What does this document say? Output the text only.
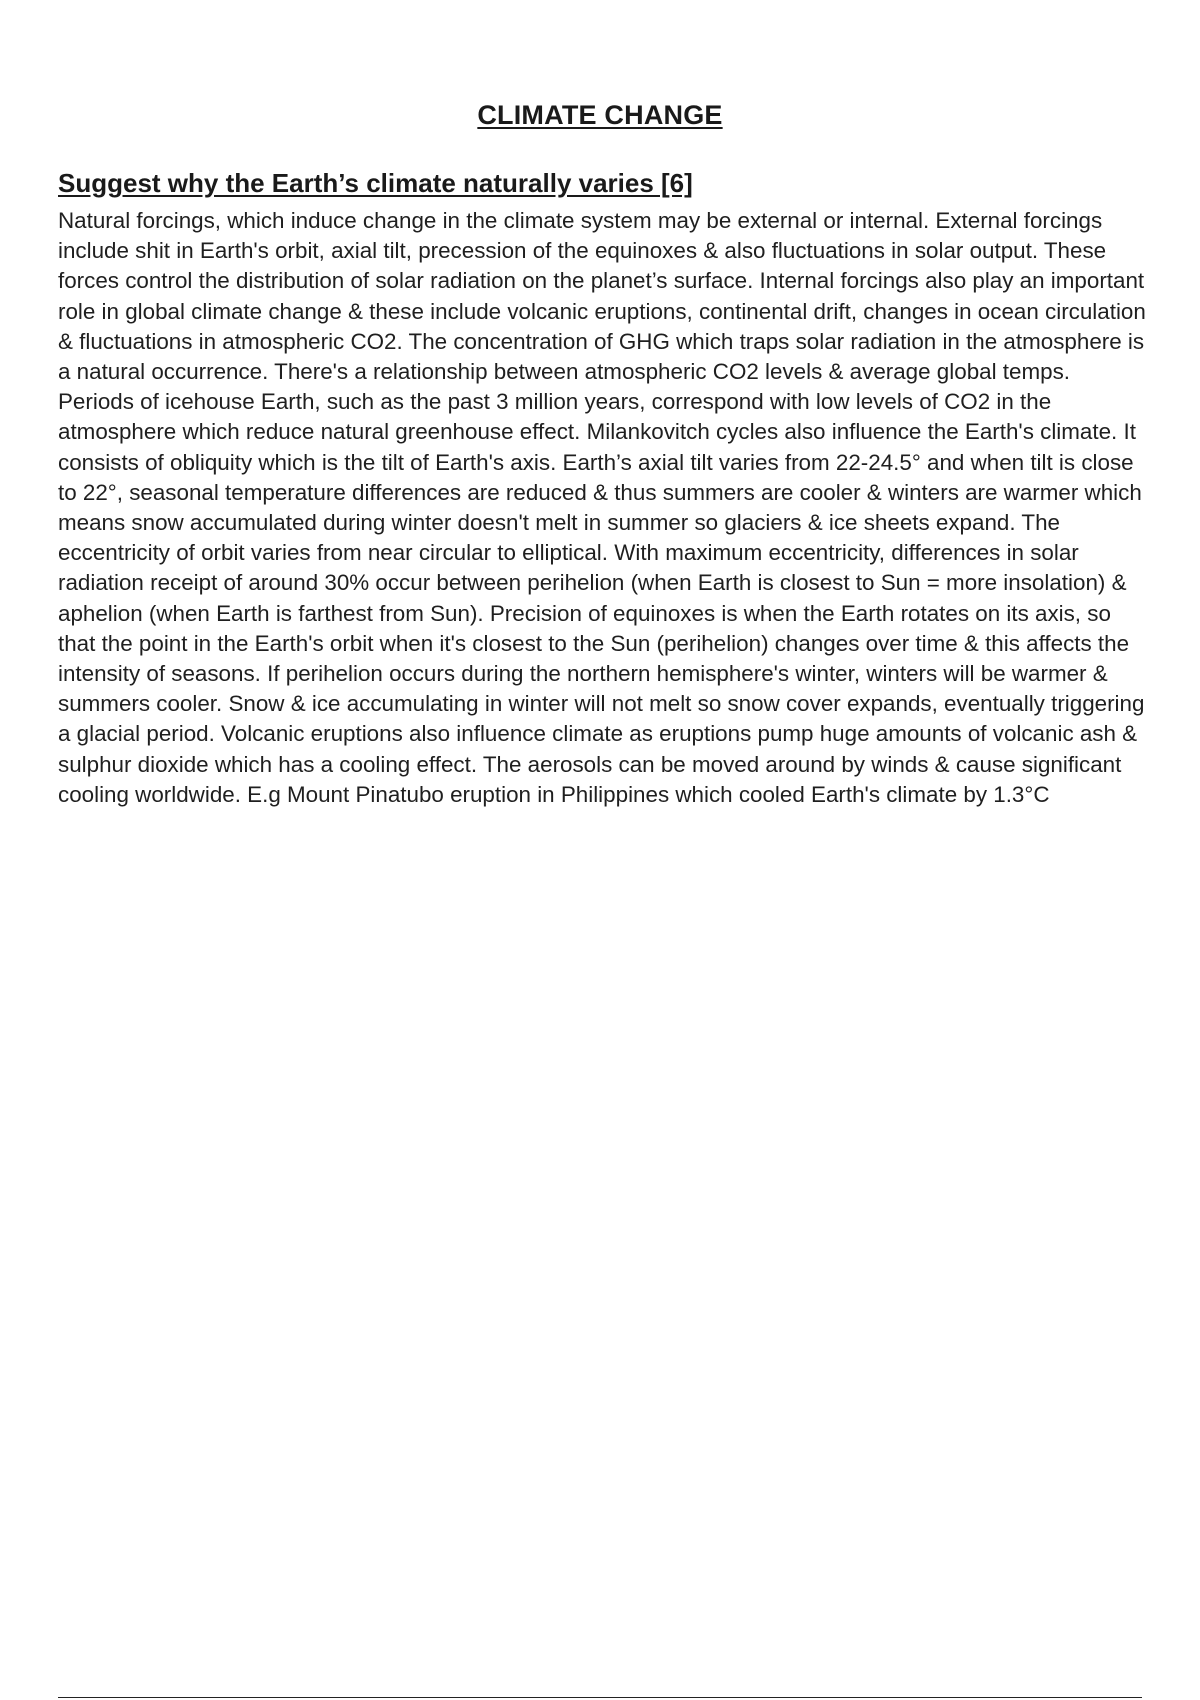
CLIMATE CHANGE
Suggest why the Earth’s climate naturally varies [6]

Natural forcings, which induce change in the climate system may be external or internal. External forcings include shit in Earth's orbit, axial tilt, precession of the equinoxes & also fluctuations in solar output. These forces control the distribution of solar radiation on the planet’s surface. Internal forcings also play an important role in global climate change & these include volcanic eruptions, continental drift, changes in ocean circulation & fluctuations in atmospheric CO2. The concentration of GHG which traps solar radiation in the atmosphere is a natural occurrence. There's a relationship between atmospheric CO2 levels & average global temps. Periods of icehouse Earth, such as the past 3 million years, correspond with low levels of CO2 in the atmosphere which reduce natural greenhouse effect. Milankovitch cycles also influence the Earth's climate. It consists of obliquity which is the tilt of Earth's axis. Earth’s axial tilt varies from 22-24.5° and when tilt is close to 22°, seasonal temperature differences are reduced & thus summers are cooler & winters are warmer which means snow accumulated during winter doesn't melt in summer so glaciers & ice sheets expand. The eccentricity of orbit varies from near circular to elliptical. With maximum eccentricity, differences in solar radiation receipt of around 30% occur between perihelion (when Earth is closest to Sun = more insolation) & aphelion (when Earth is farthest from Sun). Precision of equinoxes is when the Earth rotates on its axis, so that the point in the Earth's orbit when it's closest to the Sun (perihelion) changes over time & this affects the intensity of seasons. If perihelion occurs during the northern hemisphere's winter, winters will be warmer & summers cooler. Snow & ice accumulating in winter will not melt so snow cover expands, eventually triggering a glacial period. Volcanic eruptions also influence climate as eruptions pump huge amounts of volcanic ash & sulphur dioxide which has a cooling effect. The aerosols can be moved around by winds & cause significant cooling worldwide. E.g Mount Pinatubo eruption in Philippines which cooled Earth's climate by 1.3°C
